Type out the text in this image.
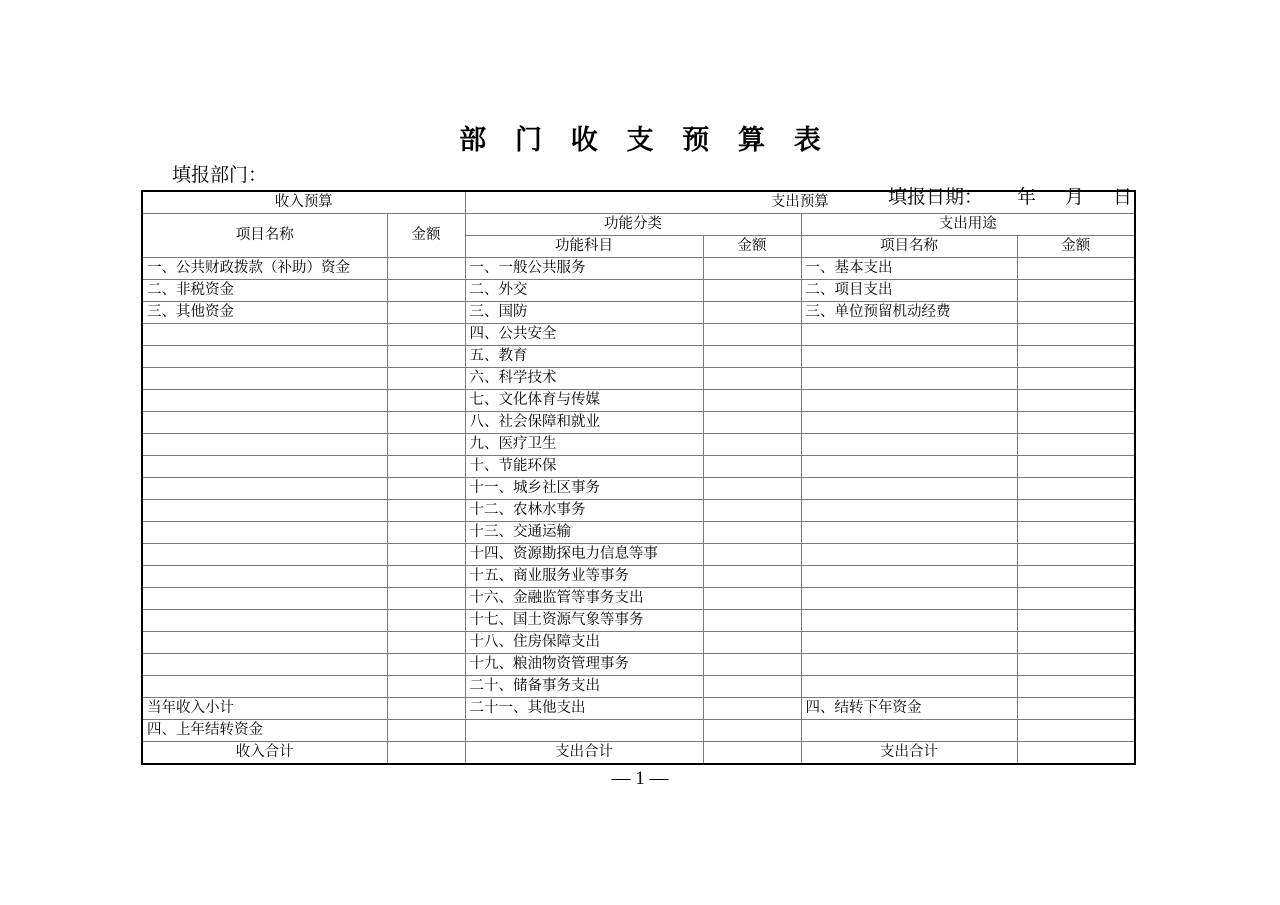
部 门 收 支 预 算 表
填报部门：

填报日期： 年    月    日

收入预算		支出预算			
项目名称	金额	功能分类		支出用途	
		功能科目	金额	项目名称	金额
一、公共财政拨款（补助）资金		一、一般公共服务		一、基本支出	
二、非税资金		二、外交		二、项目支出	
三、其他资金		三、国防		三、单位预留机动经费	
		四、公共安全			
		五、教育			
		六、科学技术			
		七、文化体育与传媒			
		八、社会保障和就业			
		九、医疗卫生			
		十、节能环保			
		十一、城乡社区事务			
		十二、农林水事务			
		十三、交通运输			
		十四、资源勘探电力信息等事			
		十五、商业服务业等事务			
		十六、金融监管等事务支出			
		十七、国土资源气象等事务			
		十八、住房保障支出			
		十九、粮油物资管理事务			
		二十、储备事务支出			
当年收入小计		二十一、其他支出		四、结转下年资金	
四、上年结转资金					
收入合计		支出合计		支出合计	
— 1 —
